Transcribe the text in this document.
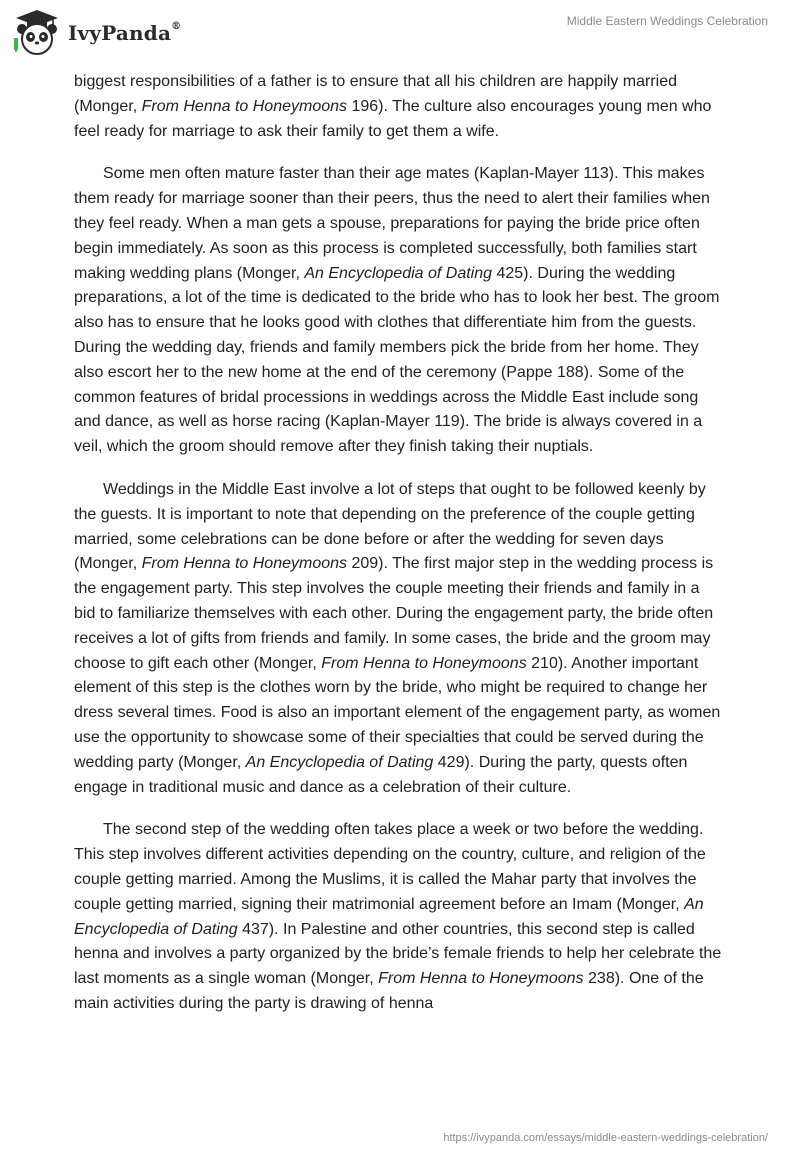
IvyPanda®	Middle Eastern Weddings Celebration

biggest responsibilities of a father is to ensure that all his children are happily married (Monger, From Henna to Honeymoons 196). The culture also encourages young men who feel ready for marriage to ask their family to get them a wife.

Some men often mature faster than their age mates (Kaplan-Mayer 113). This makes them ready for marriage sooner than their peers, thus the need to alert their families when they feel ready. When a man gets a spouse, preparations for paying the bride price often begin immediately. As soon as this process is completed successfully, both families start making wedding plans (Monger, An Encyclopedia of Dating 425). During the wedding preparations, a lot of the time is dedicated to the bride who has to look her best. The groom also has to ensure that he looks good with clothes that differentiate him from the guests. During the wedding day, friends and family members pick the bride from her home. They also escort her to the new home at the end of the ceremony (Pappe 188). Some of the common features of bridal processions in weddings across the Middle East include song and dance, as well as horse racing (Kaplan-Mayer 119). The bride is always covered in a veil, which the groom should remove after they finish taking their nuptials.

Weddings in the Middle East involve a lot of steps that ought to be followed keenly by the guests. It is important to note that depending on the preference of the couple getting married, some celebrations can be done before or after the wedding for seven days (Monger, From Henna to Honeymoons 209). The first major step in the wedding process is the engagement party. This step involves the couple meeting their friends and family in a bid to familiarize themselves with each other. During the engagement party, the bride often receives a lot of gifts from friends and family. In some cases, the bride and the groom may choose to gift each other (Monger, From Henna to Honeymoons 210). Another important element of this step is the clothes worn by the bride, who might be required to change her dress several times. Food is also an important element of the engagement party, as women use the opportunity to showcase some of their specialties that could be served during the wedding party (Monger, An Encyclopedia of Dating 429). During the party, quests often engage in traditional music and dance as a celebration of their culture.

The second step of the wedding often takes place a week or two before the wedding. This step involves different activities depending on the country, culture, and religion of the couple getting married. Among the Muslims, it is called the Mahar party that involves the couple getting married, signing their matrimonial agreement before an Imam (Monger, An Encyclopedia of Dating 437). In Palestine and other countries, this second step is called henna and involves a party organized by the bride’s female friends to help her celebrate the last moments as a single woman (Monger, From Henna to Honeymoons 238). One of the main activities during the party is drawing of henna

https://ivypanda.com/essays/middle-eastern-weddings-celebration/
